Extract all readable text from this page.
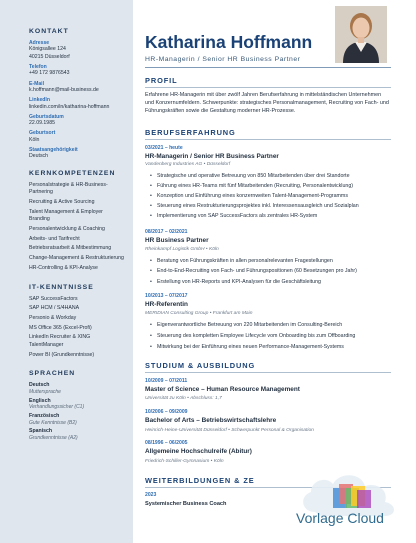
KONTAKT
Adresse
Königsallee 124
40215 Düsseldorf
Telefon
+49 172 9876543
E-Mail
k.hoffmann@mail-business.de
LinkedIn
linkedin.com/in/katharina-hoffmann
Geburtsdatum
22.09.1985
Geburtsort
Köln
Staatsangehörigkeit
Deutsch
KERNKOMPETENZEN
Personalstrategie & HR-Business-Partnering
Recruiting & Active Sourcing
Talent Management & Employer Branding
Personalentwicklung & Coaching
Arbeits- und Tarifrecht
Betriebsratsarbeit & Mitbestimmung
Change-Management & Restrukturierung
HR-Controlling & KPI-Analyse
IT-KENNTNISSE
SAP SuccessFactors
SAP HCM / S/4HANA
Personio & Workday
MS Office 365 (Excel-Profi)
LinkedIn Recruiter & XING TalentManager
Power BI (Grundkenntnisse)
SPRACHEN
Deutsch
Muttersprache
Englisch
Verhandlungssicher (C1)
Französisch
Gute Kenntnisse (B2)
Spanisch
Grundkenntnisse (A2)
Katharina Hoffmann
HR-Managerin / Senior HR Business Partner
PROFIL
Erfahrene HR-Managerin mit über zwölf Jahren Berufserfahrung in mittelständischen Unternehmen und Konzernumfeldern. Schwerpunkte: strategisches Personalmanagement, Recruiting von Fach- und Führungskräften sowie die Gestaltung moderner HR-Prozesse.
BERUFSERFAHRUNG
03/2021 – heute
HR-Managerin / Senior HR Business Partner
Vandenberg Industries AG • Düsseldorf
• Strategische und operative Betreuung von 850 Mitarbeitenden über drei Standorte
• Führung eines HR-Teams mit fünf Mitarbeitenden (Recruiting, Personalentwicklung)
• Konzeption und Einführung eines konzernweiten Talent-Management-Programms
• Steuerung eines Restrukturierungsprojektes inkl. Interessensausgleich und Sozialplan
• Implementierung von SAP SuccessFactors als zentrales HR-System
08/2017 – 02/2021
HR Business Partner
Rheinkampf Logistik GmbH • Köln
• Beratung von Führungskräften in allen personalrelevanten Fragestellungen
• End-to-End-Recruiting von Fach- und Führungspositionen (60 Besetzungen pro Jahr)
• Erstellung von HR-Reports und KPI-Analysen für die Geschäftsleitung
10/2013 – 07/2017
HR-Referentin
MERIDIAN Consulting Group • Frankfurt am Main
• Eigenverantwortliche Betreuung von 220 Mitarbeitenden im Consulting-Bereich
• Steuerung des kompletten Employee Lifecycle vom Onboarding bis zum Offboarding
• Mitwirkung bei der Einführung eines neuen Performance-Management-Systems
STUDIUM & AUSBILDUNG
10/2009 – 07/2011
Master of Science – Human Resource Management
Universität zu Köln • Abschluss: 1,7
10/2006 – 09/2009
Bachelor of Arts – Betriebswirtschaftslehre
Heinrich-Heine-Universität Düsseldorf • Schwerpunkt Personal & Organisation
08/1996 – 06/2005
Allgemeine Hochschulreife (Abitur)
Friedrich-Schiller-Gymnasium • Köln
WEITERBILDUNGEN & ZE
2023
Systemischer Business Coach
Vorlage Cloud
